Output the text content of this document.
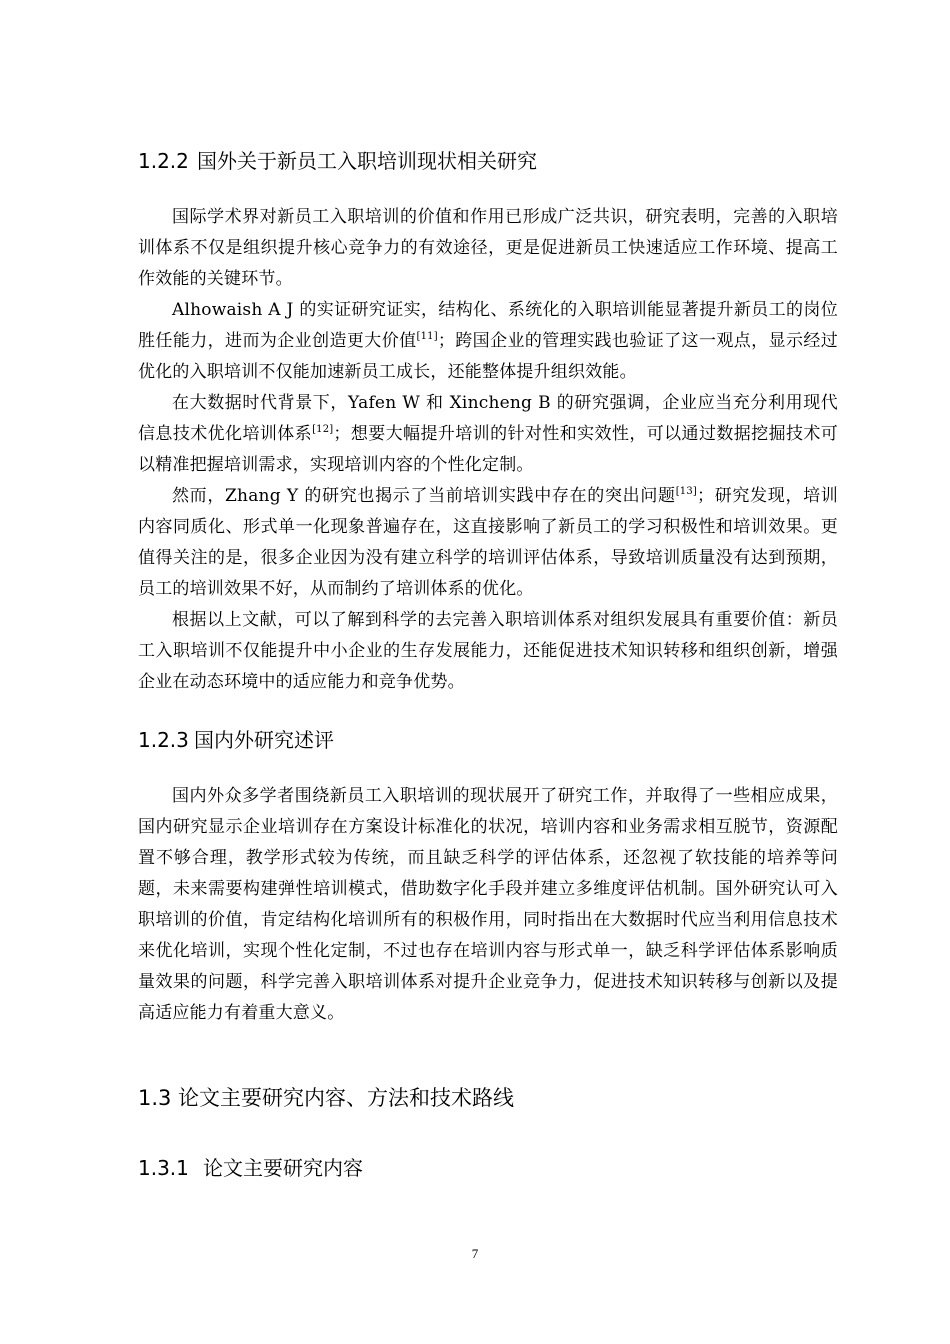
1.2.2 国外关于新员工入职培训现状相关研究

国际学术界对新员工入职培训的价值和作用已形成广泛共识，研究表明，完善的入职培训体系不仅是组织提升核心竞争力的有效途径，更是促进新员工快速适应工作环境、提高工作效能的关键环节。

Alhowaish A J 的实证研究证实，结构化、系统化的入职培训能显著提升新员工的岗位胜任能力，进而为企业创造更大价值[11]；跨国企业的管理实践也验证了这一观点，显示经过优化的入职培训不仅能加速新员工成长，还能整体提升组织效能。

在大数据时代背景下，Yafen W 和 Xincheng B 的研究强调，企业应当充分利用现代信息技术优化培训体系[12]；想要大幅提升培训的针对性和实效性，可以通过数据挖掘技术可以精准把握培训需求，实现培训内容的个性化定制。

然而，Zhang Y 的研究也揭示了当前培训实践中存在的突出问题[13]；研究发现，培训内容同质化、形式单一化现象普遍存在，这直接影响了新员工的学习积极性和培训效果。更值得关注的是，很多企业因为没有建立科学的培训评估体系，导致培训质量没有达到预期，员工的培训效果不好，从而制约了培训体系的优化。

根据以上文献，可以了解到科学的去完善入职培训体系对组织发展具有重要价值：新员工入职培训不仅能提升中小企业的生存发展能力，还能促进技术知识转移和组织创新，增强企业在动态环境中的适应能力和竞争优势。

1.2.3 国内外研究述评

国内外众多学者围绕新员工入职培训的现状展开了研究工作，并取得了一些相应成果，国内研究显示企业培训存在方案设计标准化的状况，培训内容和业务需求相互脱节，资源配置不够合理，教学形式较为传统，而且缺乏科学的评估体系，还忽视了软技能的培养等问题，未来需要构建弹性培训模式，借助数字化手段并建立多维度评估机制。国外研究认可入职培训的价值，肯定结构化培训所有的积极作用，同时指出在大数据时代应当利用信息技术来优化培训，实现个性化定制，不过也存在培训内容与形式单一，缺乏科学评估体系影响质量效果的问题，科学完善入职培训体系对提升企业竞争力，促进技术知识转移与创新以及提高适应能力有着重大意义。

1.3 论文主要研究内容、方法和技术路线
1.3.1 论文主要研究内容
7
